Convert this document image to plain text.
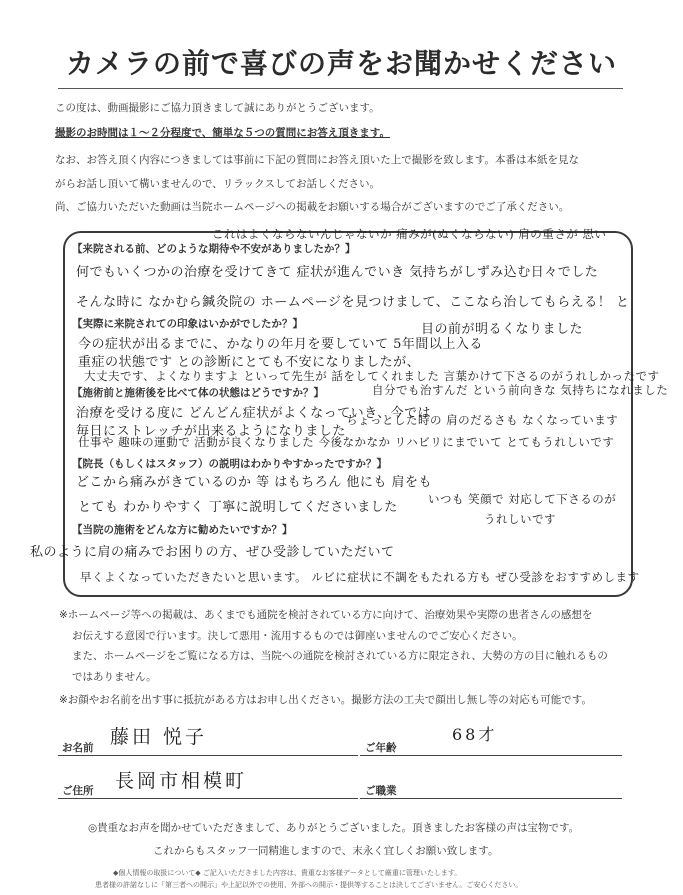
カメラの前で喜びの声をお聞かせください
この度は、動画撮影にご協力頂きまして誠にありがとうございます。
撮影のお時間は１～２分程度で、簡単な５つの質問にお答え頂きます。
なお、お答え頂く内容につきましては事前に下記の質問にお答え頂いた上で撮影を致します。本番は本紙を見な
がらお話し頂いて構いませんので、リラックスしてお話しください。
尚、ご協力いただいた動画は当院ホームページへの掲載をお願いする場合がございますのでご了承ください。
これはよくならないんじゃないか 痛みが(ぬくならない) 肩の重さが 思い
【来院される前、どのような期待や不安がありましたか？】
何でもいくつかの治療を受けてきて 症状が進んでいき 気持ちがしずみ込む日々でした
そんな時に なかむら鍼灸院の ホームページを見つけまして、ここなら治してもらえる！ と
目の前が明るくなりました
【実際に来院されての印象はいかがでしたか？】
今の症状が出るまでに、かなりの年月を要していて 5年間以上入る
重症の状態です との診断にとても不安になりましたが、
大丈夫です、よくなりますよ といって先生が 話をしてくれました 言葉かけて下さるのがうれしかったです
自分でも治すんだ という前向きな 気持ちになれました
【施術前と施術後を比べて体の状態はどうですか？】
治療を受ける度に どんどん症状がよくなっていき、今では
毎日にストレッチが出来るようになりました
ちょっとした時の 肩のだるさも なくなっています
仕事や 趣味の運動で 活動が良くなりました 今後なかなか リハビリにまでいて とてもうれしいです
【院長（もしくはスタッフ）の説明はわかりやすかったですか？】
どこから痛みがきているのか 等 はもちろん 他にも 肩をも
とても わかりやすく 丁寧に説明してくださいました
いつも 笑顔で 対応して下さるのが
うれしいです
【当院の施術をどんな方に勧めたいですか？】
私のように肩の痛みでお困りの方、ぜひ受診していただいて
早くよくなっていただきたいと思います。 ルビに症状に不調をもたれる方も ぜひ受診をおすすめします
※ホームページ等への掲載は、あくまでも通院を検討されている方に向けて、治療効果や実際の患者さんの感想を
お伝えする意図で行います。決して悪用・流用するものでは御座いませんのでご安心ください。
また、ホームページをご覧になる方は、当院への通院を検討されている方に限定され、大勢の方の目に触れるもの
ではありません。
※お顔やお名前を出す事に抵抗がある方はお申し出ください。撮影方法の工夫で顔出し無し等の対応も可能です。
お名前 藤田 悦子	ご年齢
68才
ご住所 長岡市相模町	ご職業
◎貴重なお声を聞かせていただきまして、ありがとうございました。頂きましたお客様の声は宝物です。
これからもスタッフ一同精進しますので、末永く宜しくお願い致します。
◆個人情報の取扱について◆ ご記入いただきました内容は、貴重なお客様データとして厳重に管理いたします。
患者様の許諾なしに「第三者への開示」や上記以外での使用、外部への開示・提供等することは決してございません。ご安心ください。
